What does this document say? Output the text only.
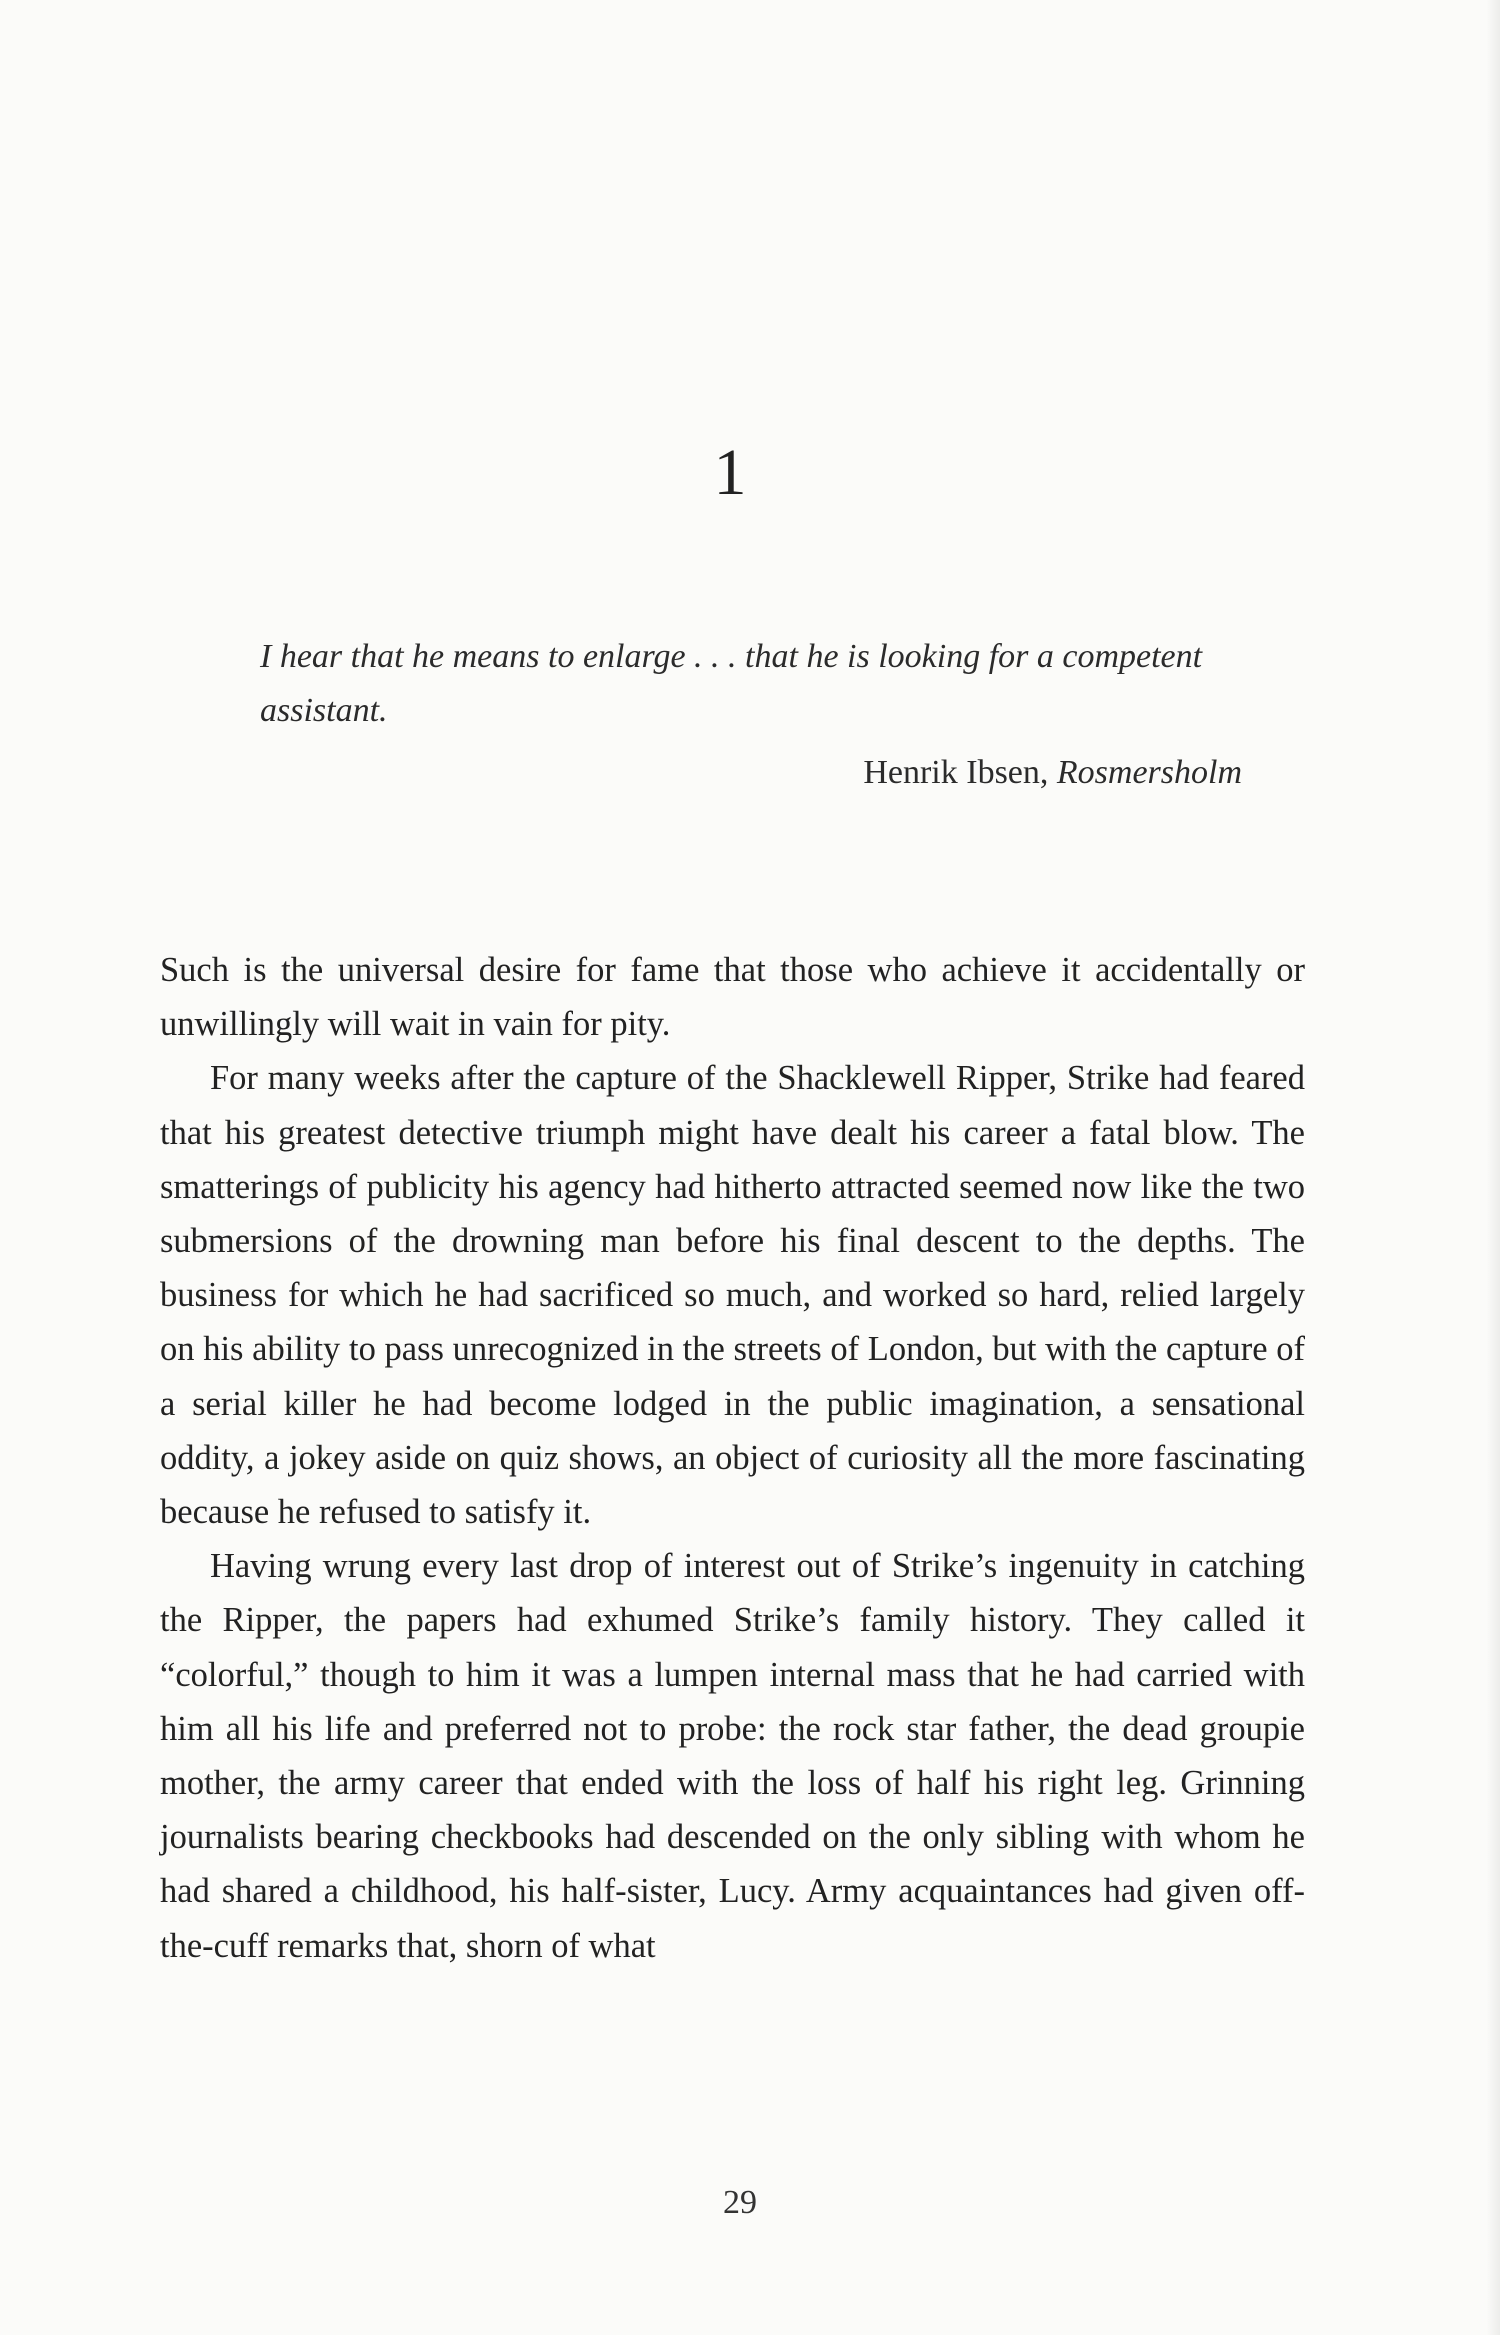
1

I hear that he means to enlarge . . . that he is looking for a competent assistant.

Henrik Ibsen, Rosmersholm

Such is the universal desire for fame that those who achieve it accidentally or unwillingly will wait in vain for pity.

For many weeks after the capture of the Shacklewell Ripper, Strike had feared that his greatest detective triumph might have dealt his career a fatal blow. The smatterings of publicity his agency had hitherto attracted seemed now like the two submersions of the drowning man before his final descent to the depths. The business for which he had sacrificed so much, and worked so hard, relied largely on his ability to pass unrecognized in the streets of London, but with the capture of a serial killer he had become lodged in the public imagination, a sensational oddity, a jokey aside on quiz shows, an object of curiosity all the more fascinating because he refused to satisfy it.

Having wrung every last drop of interest out of Strike’s ingenuity in catching the Ripper, the papers had exhumed Strike’s family history. They called it “colorful,” though to him it was a lumpen internal mass that he had carried with him all his life and preferred not to probe: the rock star father, the dead groupie mother, the army career that ended with the loss of half his right leg. Grinning journalists bearing checkbooks had descended on the only sibling with whom he had shared a childhood, his half-sister, Lucy. Army acquaintances had given off-the-cuff remarks that, shorn of what

29
